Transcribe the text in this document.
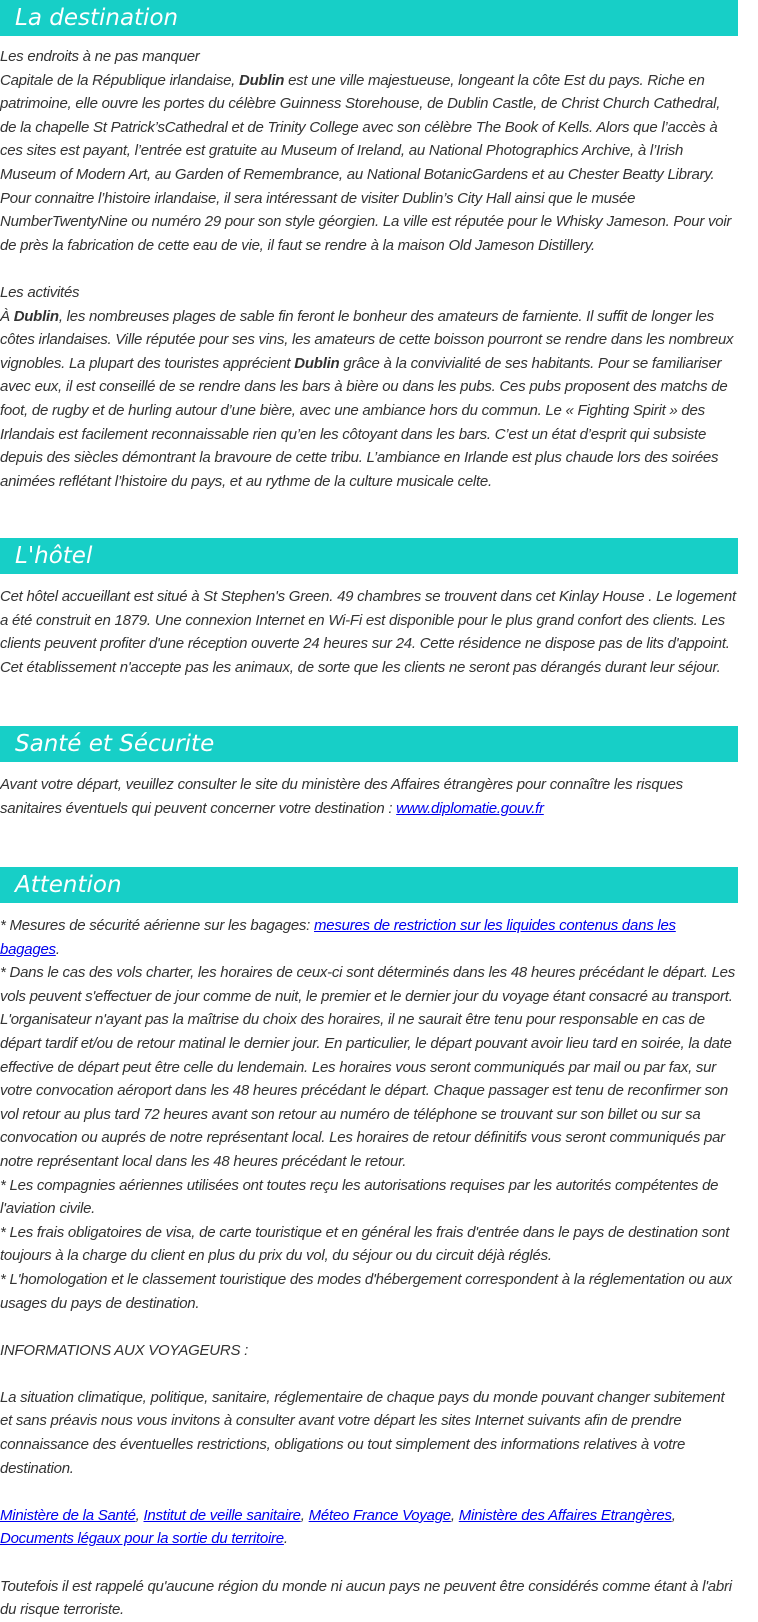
La destination

Les endroits à ne pas manquer

Capitale de la République irlandaise, Dublin est une ville majestueuse, longeant la côte Est du pays. Riche en patrimoine, elle ouvre les portes du célèbre Guinness Storehouse, de Dublin Castle, de Christ Church Cathedral, de la chapelle St Patrick’sCathedral et de Trinity College avec son célèbre The Book of Kells. Alors que l’accès à ces sites est payant, l’entrée est gratuite au Museum of Ireland, au National Photographics Archive, à l’Irish Museum of Modern Art, au Garden of Remembrance, au National BotanicGardens et au Chester Beatty Library. Pour connaitre l’histoire irlandaise, il sera intéressant de visiter Dublin’s City Hall ainsi que le musée NumberTwentyNine ou numéro 29 pour son style géorgien. La ville est réputée pour le Whisky Jameson. Pour voir de près la fabrication de cette eau de vie, il faut se rendre à la maison Old Jameson Distillery.

Les activités

À Dublin, les nombreuses plages de sable fin feront le bonheur des amateurs de farniente. Il suffit de longer les côtes irlandaises. Ville réputée pour ses vins, les amateurs de cette boisson pourront se rendre dans les nombreux vignobles. La plupart des touristes apprécient Dublin grâce à la convivialité de ses habitants. Pour se familiariser avec eux, il est conseillé de se rendre dans les bars à bière ou dans les pubs. Ces pubs proposent des matchs de foot, de rugby et de hurling autour d’une bière, avec une ambiance hors du commun. Le « Fighting Spirit » des Irlandais est facilement reconnaissable rien qu’en les côtoyant dans les bars. C’est un état d’esprit qui subsiste depuis des siècles démontrant la bravoure de cette tribu. L’ambiance en Irlande est plus chaude lors des soirées animées reflétant l’histoire du pays, et au rythme de la culture musicale celte.

L'hôtel

Cet hôtel accueillant est situé à St Stephen's Green. 49 chambres se trouvent dans cet Kinlay House . Le logement a été construit en 1879. Une connexion Internet en Wi-Fi est disponible pour le plus grand confort des clients. Les clients peuvent profiter d'une réception ouverte 24 heures sur 24. Cette résidence ne dispose pas de lits d'appoint. Cet établissement n'accepte pas les animaux, de sorte que les clients ne seront pas dérangés durant leur séjour.

Santé et Sécurite

Avant votre départ, veuillez consulter le site du ministère des Affaires étrangères pour connaître les risques sanitaires éventuels qui peuvent concerner votre destination : www.diplomatie.gouv.fr

Attention

* Mesures de sécurité aérienne sur les bagages: mesures de restriction sur les liquides contenus dans les bagages.

* Dans le cas des vols charter, les horaires de ceux-ci sont déterminés dans les 48 heures précédant le départ. Les vols peuvent s'effectuer de jour comme de nuit, le premier et le dernier jour du voyage étant consacré au transport. L'organisateur n'ayant pas la maîtrise du choix des horaires, il ne saurait être tenu pour responsable en cas de départ tardif et/ou de retour matinal le dernier jour. En particulier, le départ pouvant avoir lieu tard en soirée, la date effective de départ peut être celle du lendemain. Les horaires vous seront communiqués par mail ou par fax, sur votre convocation aéroport dans les 48 heures précédant le départ. Chaque passager est tenu de reconfirmer son vol retour au plus tard 72 heures avant son retour au numéro de téléphone se trouvant sur son billet ou sur sa convocation ou auprés de notre représentant local. Les horaires de retour définitifs vous seront communiqués par notre représentant local dans les 48 heures précédant le retour.

* Les compagnies aériennes utilisées ont toutes reçu les autorisations requises par les autorités compétentes de l'aviation civile.

* Les frais obligatoires de visa, de carte touristique et en général les frais d'entrée dans le pays de destination sont toujours à la charge du client en plus du prix du vol, du séjour ou du circuit déjà réglés.

* L'homologation et le classement touristique des modes d'hébergement correspondent à la réglementation ou aux usages du pays de destination.

INFORMATIONS AUX VOYAGEURS :

La situation climatique, politique, sanitaire, réglementaire de chaque pays du monde pouvant changer subitement et sans préavis nous vous invitons à consulter avant votre départ les sites Internet suivants afin de prendre connaissance des éventuelles restrictions, obligations ou tout simplement des informations relatives à votre destination.

Ministère de la Santé, Institut de veille sanitaire, Méteo France Voyage, Ministère des Affaires Etrangères, Documents légaux pour la sortie du territoire.

Toutefois il est rappelé qu'aucune région du monde ni aucun pays ne peuvent être considérés comme étant à l'abri du risque terroriste.
